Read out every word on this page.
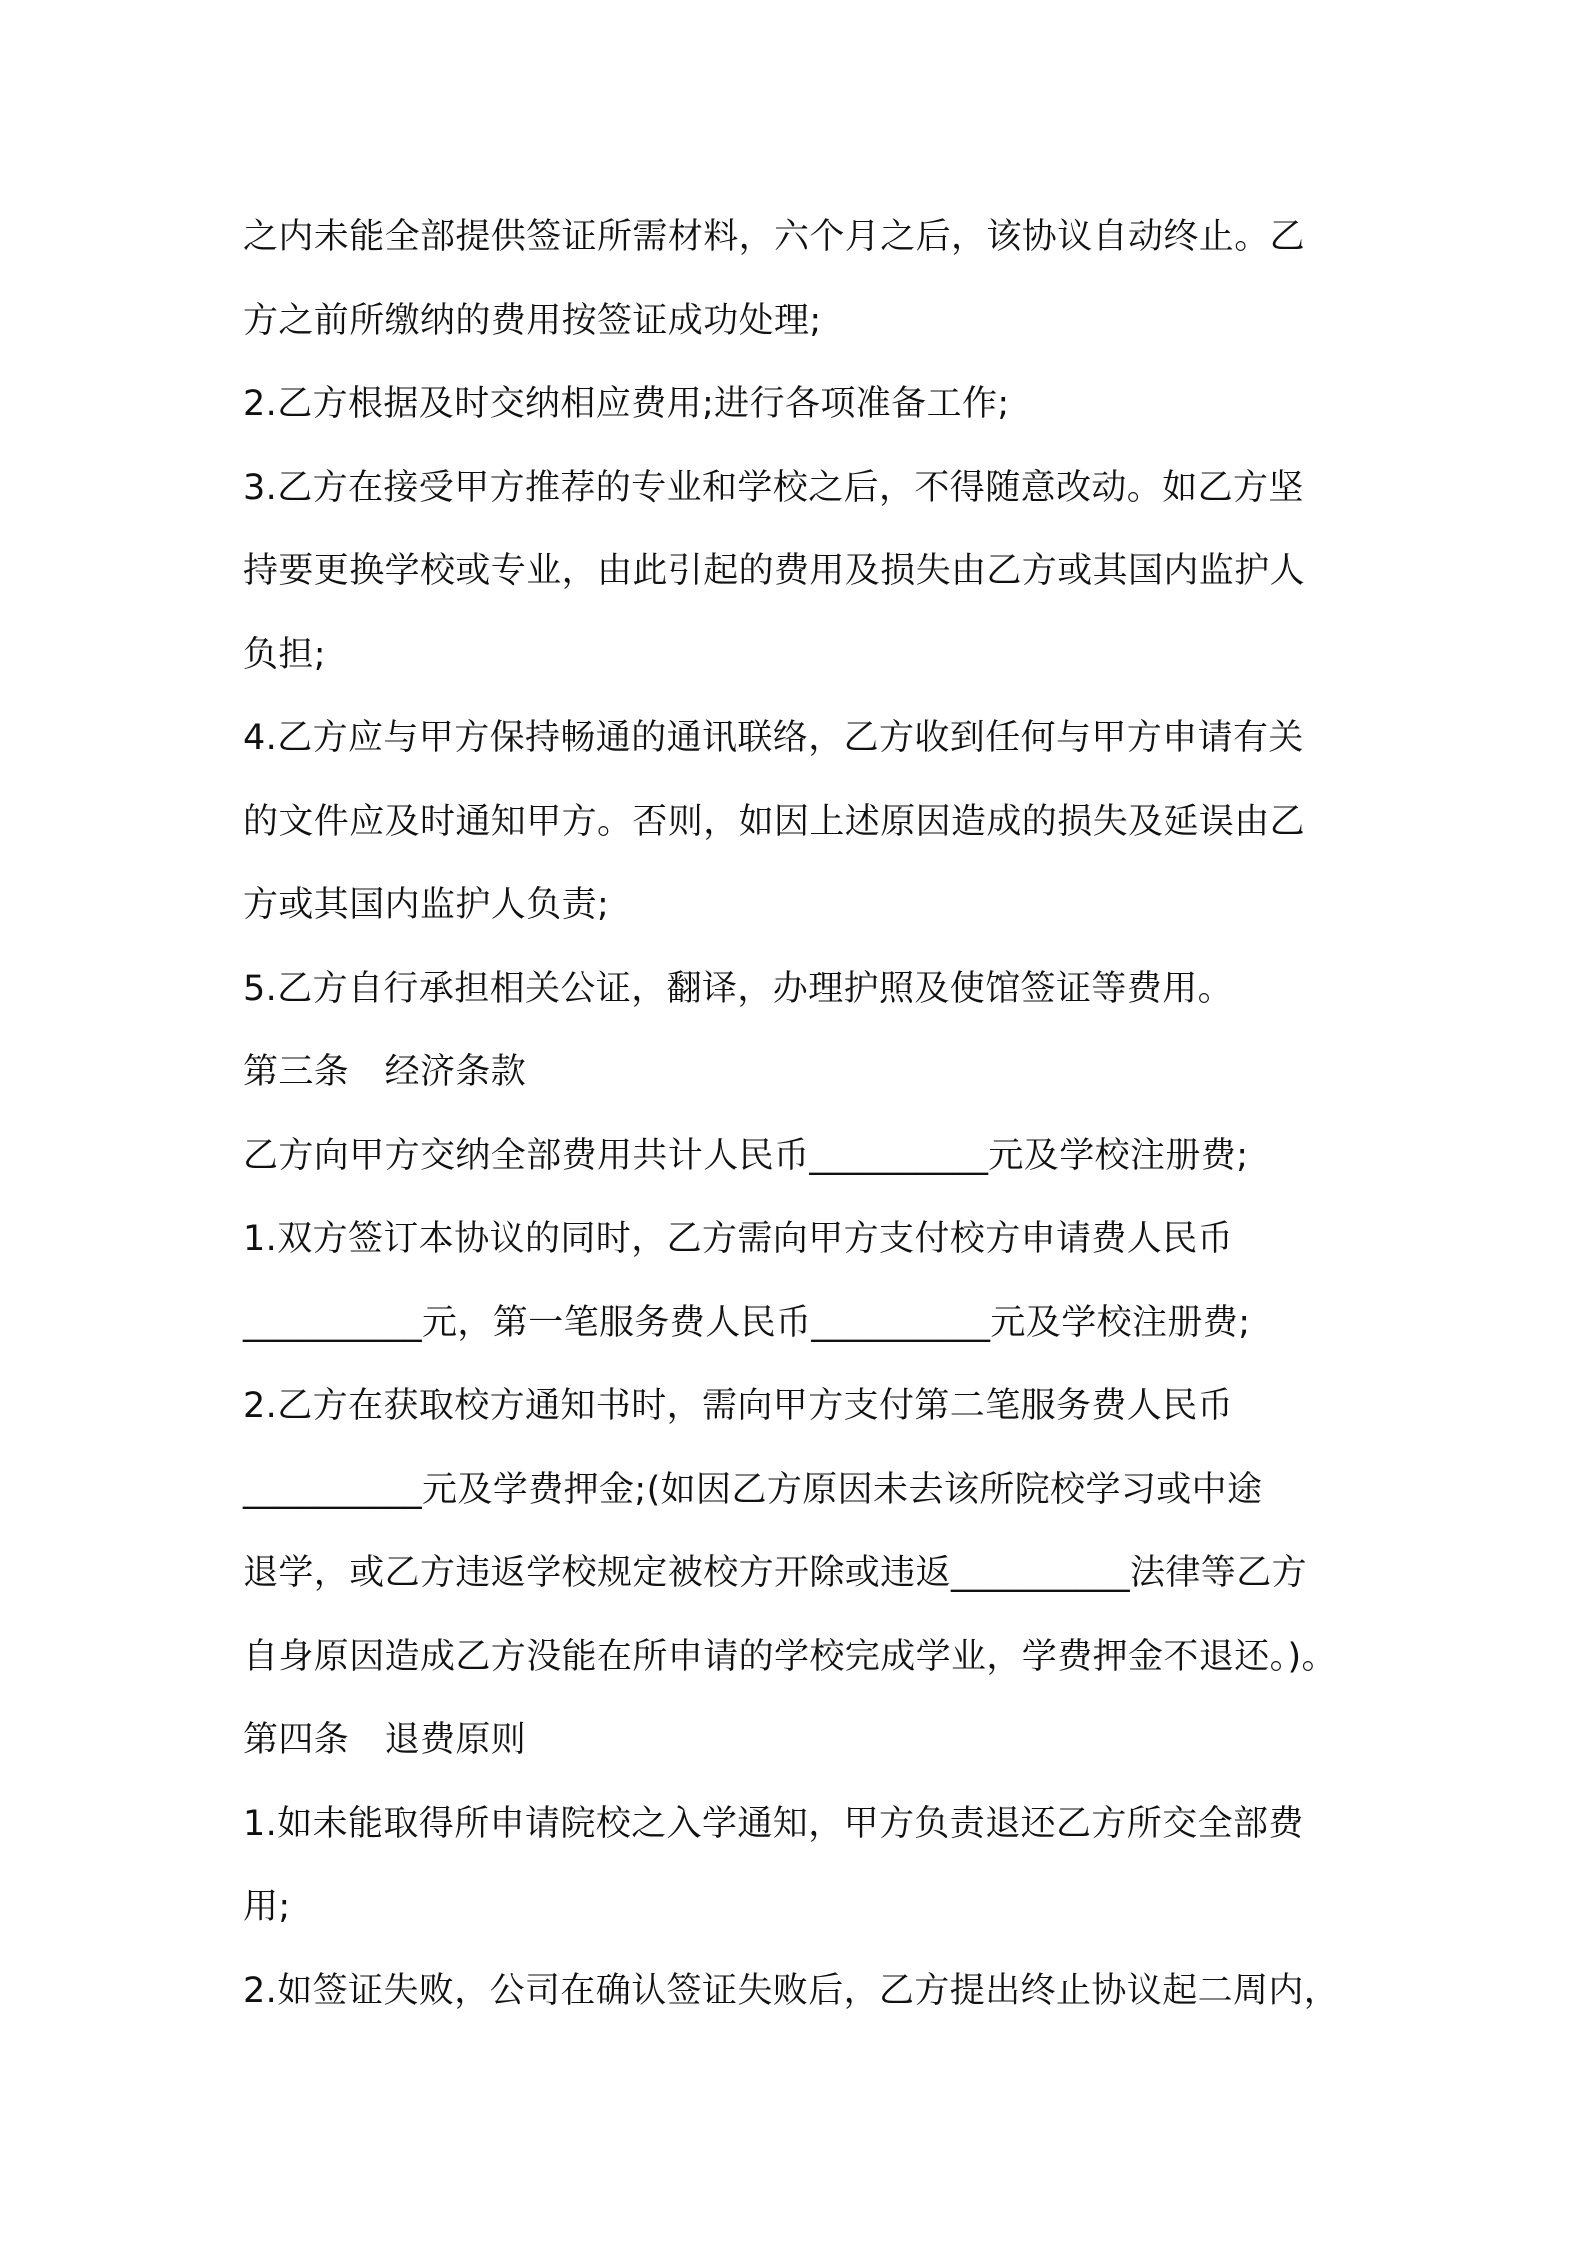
之内未能全部提供签证所需材料，六个月之后，该协议自动终止。乙
方之前所缴纳的费用按签证成功处理;
2.乙方根据及时交纳相应费用;进行各项准备工作;
3.乙方在接受甲方推荐的专业和学校之后，不得随意改动。如乙方坚
持要更换学校或专业，由此引起的费用及损失由乙方或其国内监护人
负担;
4.乙方应与甲方保持畅通的通讯联络，乙方收到任何与甲方申请有关
的文件应及时通知甲方。否则，如因上述原因造成的损失及延误由乙
方或其国内监护人负责;
5.乙方自行承担相关公证，翻译，办理护照及使馆签证等费用。
第三条　经济条款
乙方向甲方交纳全部费用共计人民币__________元及学校注册费;
1.双方签订本协议的同时，乙方需向甲方支付校方申请费人民币
__________元，第一笔服务费人民币__________元及学校注册费;
2.乙方在获取校方通知书时，需向甲方支付第二笔服务费人民币
__________元及学费押金;(如因乙方原因未去该所院校学习或中途
退学，或乙方违返学校规定被校方开除或违返__________法律等乙方
自身原因造成乙方没能在所申请的学校完成学业，学费押金不退还。)。
第四条　退费原则
1.如未能取得所申请院校之入学通知，甲方负责退还乙方所交全部费
用;
2.如签证失败，公司在确认签证失败后，乙方提出终止协议起二周内，
